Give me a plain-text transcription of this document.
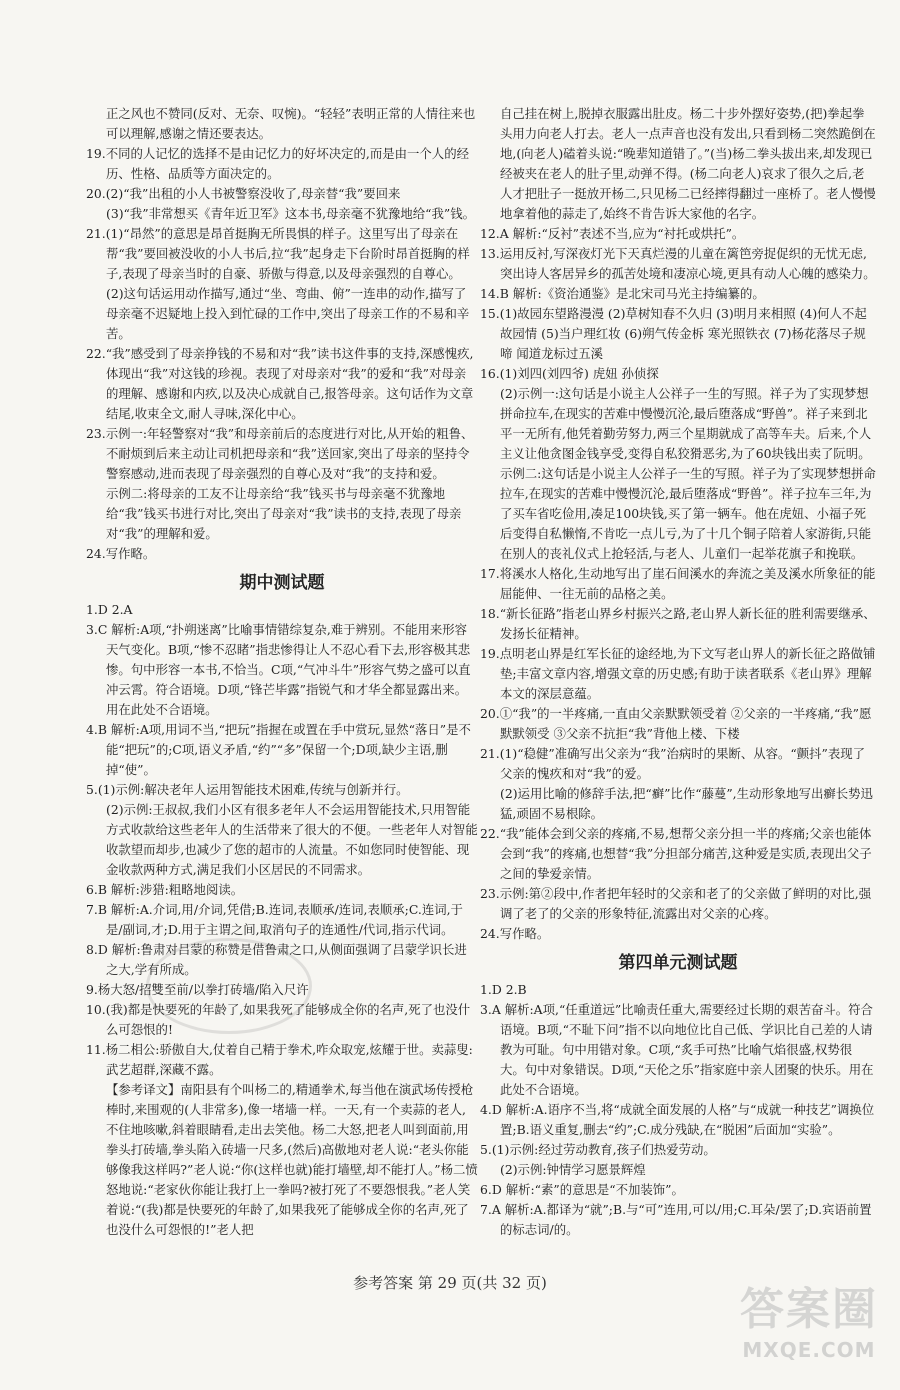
正之风也不赞同(反对、无奈、叹惋)。“轻轻”表明正常的人情往来也可以理解,感谢之情还要表达。
19.不同的人记忆的选择不是由记忆力的好坏决定的,而是由一个人的经历、性格、品质等方面决定的。
20.(2)“我”出租的小人书被警察没收了,母亲替“我”要回来
(3)“我”非常想买《青年近卫军》这本书,母亲毫不犹豫地给“我”钱。
21.(1)“昂然”的意思是昂首挺胸无所畏惧的样子。这里写出了母亲在帮“我”要回被没收的小人书后,拉“我”起身走下台阶时昂首挺胸的样子,表现了母亲当时的自豪、骄傲与得意,以及母亲强烈的自尊心。
(2)这句话运用动作描写,通过“坐、弯曲、俯”一连串的动作,描写了母亲毫不迟疑地上投入到忙碌的工作中,突出了母亲工作的不易和辛苦。
22.“我”感受到了母亲挣钱的不易和对“我”读书这件事的支持,深感愧疚,体现出“我”对这钱的珍视。表现了对母亲对“我”的爱和“我”对母亲的理解、感谢和内疚,以及决心成就自己,报答母亲。这句话作为文章结尾,收束全文,耐人寻味,深化中心。
23.示例一:年轻警察对“我”和母亲前后的态度进行对比,从开始的粗鲁、不耐烦到后来主动让司机把母亲和“我”送回家,突出了母亲的坚持令警察感动,进而表现了母亲强烈的自尊心及对“我”的支持和爱。
示例二:将母亲的工友不让母亲给“我”钱买书与母亲毫不犹豫地给“我”钱买书进行对比,突出了母亲对“我”读书的支持,表现了母亲对“我”的理解和爱。
24.写作略。
期中测试题
1.D 2.A
3.C 解析:A项,“扑朔迷离”比喻事情错综复杂,难于辨别。不能用来形容天气变化。B项,“惨不忍睹”指悲惨得让人不忍心看下去,形容极其悲惨。句中形容一本书,不恰当。C项,“气冲斗牛”形容气势之盛可以直冲云霄。符合语境。D项,“锋芒毕露”指锐气和才华全都显露出来。用在此处不合语境。
4.B 解析:A项,用词不当,“把玩”指握在或置在手中赏玩,显然“落日”是不能“把玩”的;C项,语义矛盾,“约”“多”保留一个;D项,缺少主语,删掉“使”。
5.(1)示例:解决老年人运用智能技术困难,传统与创新并行。
(2)示例:王叔叔,我们小区有很多老年人不会运用智能技术,只用智能方式收款给这些老年人的生活带来了很大的不便。一些老年人对智能收款望而却步,也减少了您的超市的人流量。不如您同时使智能、现金收款两种方式,满足我们小区居民的不同需求。
6.B 解析:涉猎:粗略地阅读。
7.B 解析:A.介词,用/介词,凭借;B.连词,表顺承/连词,表顺承;C.连词,于是/副词,才;D.用于主谓之间,取消句子的连通性/代词,指示代词。
8.D 解析:鲁肃对吕蒙的称赞是借鲁肃之口,从侧面强调了吕蒙学识长进之大,学有所成。
9.杨大怒/招雙至前/以拳打砖墙/陷入尺许
10.(我)都是快要死的年龄了,如果我死了能够成全你的名声,死了也没什么可怨恨的!
11.杨二相公:骄傲自大,仗着自己精于拳术,咋众取宠,炫耀于世。卖蒜叟:武艺超群,深藏不露。
【参考译文】南阳县有个叫杨二的,精通拳术,每当他在演武场传授枪棒时,来围观的(人非常多),像一堵墙一样。一天,有一个卖蒜的老人,不住地咳嗽,斜着眼睛看,走出去笑他。杨二大怒,把老人叫到面前,用拳头打砖墙,拳头陷入砖墙一尺多,(然后)高傲地对老人说:“老头你能够像我这样吗?”老人说:“你(这样也就)能打墙壁,却不能打人。”杨二愤怒地说:“老家伙你能让我打上一拳吗?被打死了不要怨恨我。”老人笑着说:“(我)都是快要死的年龄了,如果我死了能够成全你的名声,死了也没什么可怨恨的!”老人把
自己挂在树上,脱掉衣服露出肚皮。杨二十步外摆好姿势,(把)拳起拳头用力向老人打去。老人一点声音也没有发出,只看到杨二突然跪倒在地,(向老人)磕着头说:“晚辈知道错了。”(当)杨二拳头拔出来,却发现已经被夹在老人的肚子里,动弹不得。(杨二向老人)哀求了很久之后,老人才把肚子一挺放开杨二,只见杨二已经摔得翻过一座桥了。老人慢慢地拿着他的蒜走了,始终不肯告诉大家他的名字。
12.A 解析:“反衬”表述不当,应为“衬托或烘托”。
13.运用反衬,写深夜灯光下天真烂漫的儿童在篱笆旁捉促织的无忧无虑,突出诗人客居异乡的孤苦处境和凄凉心境,更具有动人心魄的感染力。
14.B 解析:《资治通鉴》是北宋司马光主持编纂的。
15.(1)故园东望路漫漫 (2)草树知春不久归 (3)明月来相照 (4)何人不起故园情 (5)当户理红妆 (6)朔气传金柝 寒光照铁衣 (7)杨花落尽子规啼 闻道龙标过五溪
16.(1)刘四(刘四爷) 虎妞 孙侦探
(2)示例一:这句话是小说主人公祥子一生的写照。祥子为了实现梦想拼命拉车,在现实的苦难中慢慢沉沦,最后堕落成“野兽”。祥子来到北平一无所有,他凭着勤劳努力,两三个星期就成了高等车夫。后来,个人主义让他贪图金钱享受,变得自私狡猾恶劣,为了60块钱出卖了阮明。
示例二:这句话是小说主人公祥子一生的写照。祥子为了实现梦想拼命拉车,在现实的苦难中慢慢沉沦,最后堕落成“野兽”。祥子拉车三年,为了买车省吃俭用,凑足100块钱,买了第一辆车。他在虎妞、小福子死后变得自私懒惰,不肯吃一点儿亏,为了十几个铜子陪着人家游街,只能在别人的丧礼仪式上抢轻活,与老人、儿童们一起举花旗子和挽联。
17.将溪水人格化,生动地写出了崖石间溪水的奔流之美及溪水所象征的能屈能伸、一往无前的品格之美。
18.“新长征路”指老山界乡村振兴之路,老山界人新长征的胜利需要继承、发扬长征精神。
19.点明老山界是红军长征的途经地,为下文写老山界人的新长征之路做铺垫;丰富文章内容,增强文章的历史感;有助于读者联系《老山界》理解本文的深层意蕴。
20.①“我”的一半疼痛,一直由父亲默默领受着 ②父亲的一半疼痛,“我”愿默默领受 ③父亲不抗拒“我”背他上楼、下楼
21.(1)“稳健”准确写出父亲为“我”治病时的果断、从容。“颤抖”表现了父亲的愧疚和对“我”的爱。
(2)运用比喻的修辞手法,把“癣”比作“藤蔓”,生动形象地写出癣长势迅猛,顽固不易根除。
22.“我”能体会到父亲的疼痛,不易,想帮父亲分担一半的疼痛;父亲也能体会到“我”的疼痛,也想替“我”分担部分痛苦,这种爱是实质,表现出父子之间的挚爱亲情。
23.示例:第②段中,作者把年轻时的父亲和老了的父亲做了鲜明的对比,强调了老了的父亲的形象特征,流露出对父亲的心疼。
24.写作略。
第四单元测试题
1.D 2.B
3.A 解析:A项,“任重道远”比喻责任重大,需要经过长期的艰苦奋斗。符合语境。B项,“不耻下问”指不以向地位比自己低、学识比自己差的人请教为可耻。句中用错对象。C项,“炙手可热”比喻气焰很盛,权势很大。句中对象错误。D项,“天伦之乐”指家庭中亲人团聚的快乐。用在此处不合语境。
4.D 解析:A.语序不当,将“成就全面发展的人格”与“成就一种技艺”调换位置;B.语义重复,删去“约”;C.成分残缺,在“脱困”后面加“实验”。
5.(1)示例:经过劳动教育,孩子们热爱劳动。
(2)示例:钟情学习愿景辉煌
6.D 解析:“素”的意思是“不加装饰”。
7.A 解析:A.都译为“就”;B.与“可”连用,可以/用;C.耳朵/罢了;D.宾语前置的标志词/的。
参考答案 第 29 页(共 32 页)
答案圈
MXQE.COM
